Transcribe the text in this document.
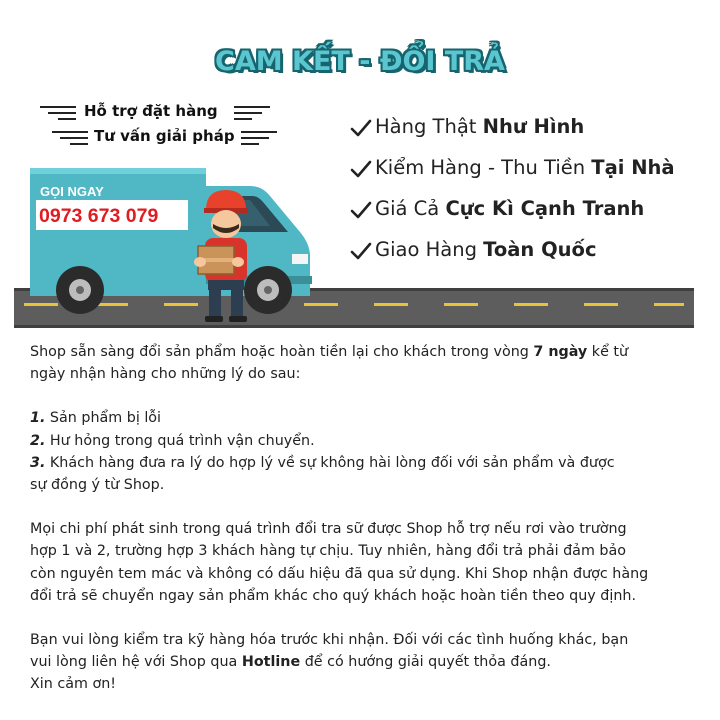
CAM KẾT - ĐỔI TRẢ
Hỗ trợ đặt hàng
Tư vấn giải pháp
GỌI NGAY
0973 673 079
Hàng Thật Như Hình
Kiểm Hàng - Thu Tiền Tại Nhà
Giá Cả Cực Kì Cạnh Tranh
Giao Hàng Toàn Quốc

Shop sẵn sàng đổi sản phẩm hoặc hoàn tiền lại cho khách trong vòng 7 ngày kể từ

ngày nhận hàng cho những lý do sau:

1. Sản phẩm bị lỗi

2. Hư hỏng trong quá trình vận chuyển.

3. Khách hàng đưa ra lý do hợp lý về sự không hài lòng đối với sản phẩm và được

sự đồng ý từ Shop.

Mọi chi phí phát sinh trong quá trình đổi tra sữ được Shop hỗ trợ nếu rơi vào trường

hợp 1 và 2, trường hợp 3 khách hàng tự chịu. Tuy nhiên, hàng đổi trả phải đảm bảo

còn nguyên tem mác và không có dấu hiệu đã qua sử dụng. Khi Shop nhận được hàng

đổi trả sẽ chuyển ngay sản phẩm khác cho quý khách hoặc hoàn tiền theo quy định.

Bạn vui lòng kiểm tra kỹ hàng hóa trước khi nhận. Đối với các tình huống khác, bạn

vui lòng liên hệ với Shop qua Hotline để có hướng giải quyết thỏa đáng.

Xin cảm ơn!
